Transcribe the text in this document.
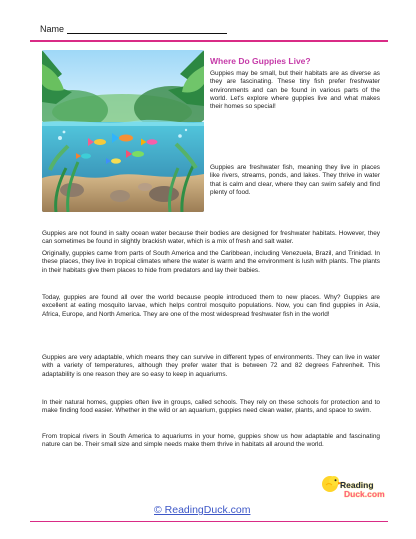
Name
Where Do Guppies Live?
Guppies may be small, but their habitats are as diverse as they are fascinating. These tiny fish prefer freshwater environments and can be found in various parts of the world. Let's explore where guppies live and what makes their homes so special!
Guppies are freshwater fish, meaning they live in places like rivers, streams, ponds, and lakes. They thrive in water that is calm and clear, where they can swim safely and find plenty of food.
Guppies are not found in salty ocean water because their bodies are designed for freshwater habitats. However, they can sometimes be found in slightly brackish water, which is a mix of fresh and salt water.
Originally, guppies came from parts of South America and the Caribbean, including Venezuela, Brazil, and Trinidad. In these places, they live in tropical climates where the water is warm and the environment is lush with plants. The plants in their habitats give them places to hide from predators and lay their babies.
Today, guppies are found all over the world because people introduced them to new places. Why? Guppies are excellent at eating mosquito larvae, which helps control mosquito populations. Now, you can find guppies in Asia, Africa, Europe, and North America. They are one of the most widespread freshwater fish in the world!
Guppies are very adaptable, which means they can survive in different types of environments. They can live in water with a variety of temperatures, although they prefer water that is between 72 and 82 degrees Fahrenheit. This adaptability is one reason they are so easy to keep in aquariums.
In their natural homes, guppies often live in groups, called schools. They rely on these schools for protection and to make finding food easier. Whether in the wild or an aquarium, guppies need clean water, plants, and space to swim.
From tropical rivers in South America to aquariums in your home, guppies show us how adaptable and fascinating nature can be. Their small size and simple needs make them thrive in habitats all around the world.
© ReadingDuck.com
Reading
Duck.com
